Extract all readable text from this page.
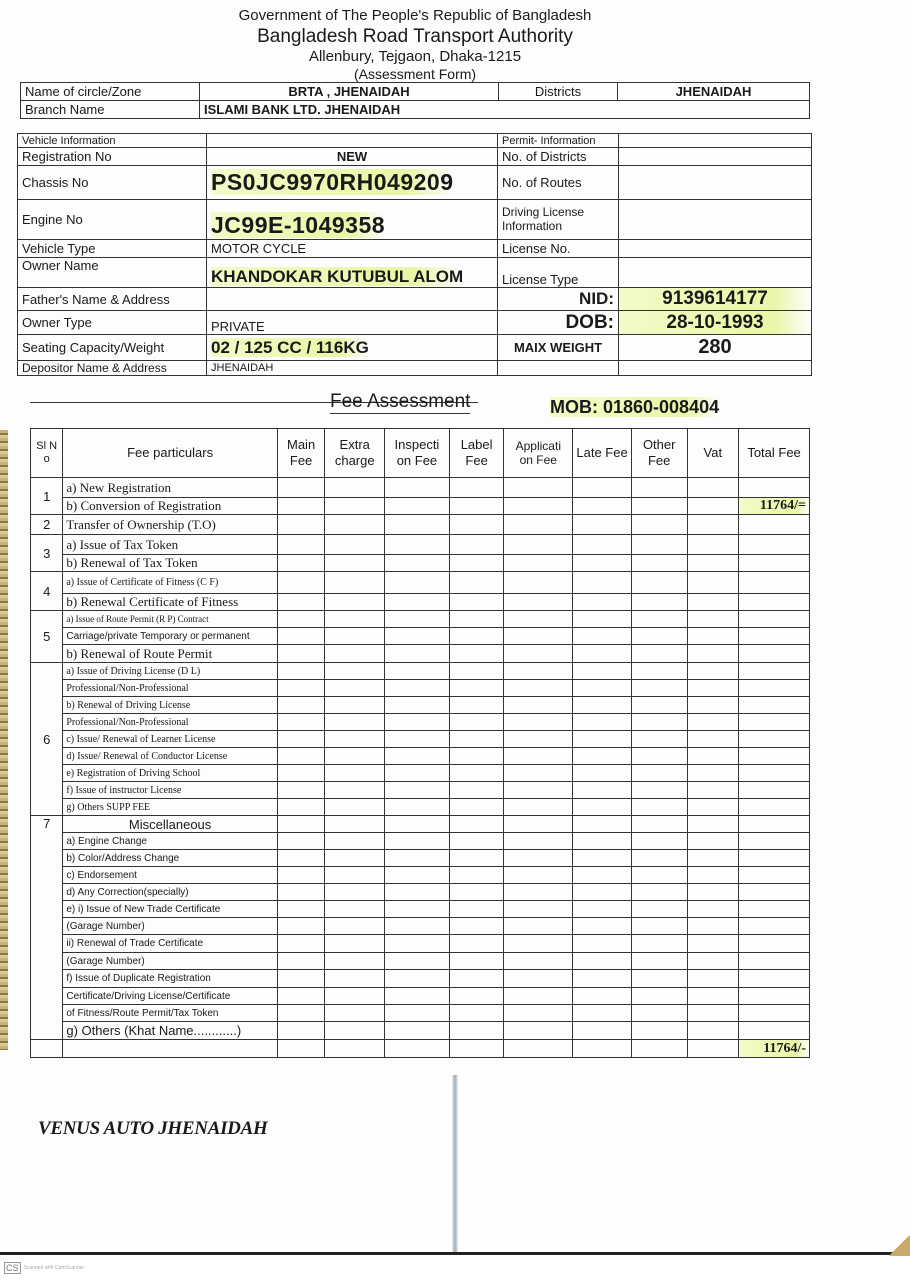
Government of The People's Republic of Bangladesh
Bangladesh Road Transport Authority
Allenbury, Tejgaon, Dhaka-1215
(Assessment Form)
Name of circle/Zone	BRTA , JHENAIDAH	Districts	JHENAIDAH
Branch Name	ISLAMI BANK LTD. JHENAIDAH		
Vehicle Information		Permit- Information	
Registration No	NEW	No. of Districts	
Chassis No	PS0JC9970RH049209	No. of Routes	
Engine No	JC99E-1049358	Driving License Information	
Vehicle Type	MOTOR CYCLE	License No.	
Owner Name	KHANDOKAR KUTUBUL ALOM	License Type	
Father's Name & Address		NID:	9139614177
Owner Type	PRIVATE	DOB:	28-10-1993
Seating Capacity/Weight	02 / 125 CC / 116KG	MAIX WEIGHT	280
Depositor Name & Address	JHENAIDAH		
Fee Assessment	MOB: 01860-008404
Sl N o	Fee particulars	Main Fee	Extra charge	Inspecti on Fee	Label Fee	Applicati on Fee	Late Fee	Other Fee	Vat	Total Fee
1	a) New Registration									
	b) Conversion of Registration									11764/=
2	Transfer of Ownership (T.O)									
3	a) Issue of Tax Token									
	b) Renewal of Tax Token									
4	a) Issue of Certificate of Fitness (C F)									
	b) Renewal Certificate of Fitness									
5	a) Issue of Route Permit (R P) Contract									
	Carriage/private Temporary or permanent									
	b) Renewal of Route Permit									
6	a) Issue of Driving License (D L)									
	Professional/Non-Professional									
	b) Renewal of Driving License									
	Professional/Non-Professional									
	c) Issue/ Renewal of Learner License									
	d) Issue/ Renewal of Conductor License									
	e) Registration of Driving School									
	f) Issue of instructor License									
	g) Others SUPP FEE									
7	Miscellaneous									
	a) Engine Change									
	b) Color/Address Change									
	c) Endorsement									
	d) Any Correction(specially)									
	e) i) Issue of New Trade Certificate									
	(Garage Number)									
	ii) Renewal of Trade Certificate									
	(Garage Number)									
	f) Issue of Duplicate Registration									
	Certificate/Driving License/Certificate									
	of Fitness/Route Permit/Tax Token									
	g) Others (Khat Name............)									
										11764/-
VENUS AUTO JHENAIDAH
CS	Scanned with CamScanner
